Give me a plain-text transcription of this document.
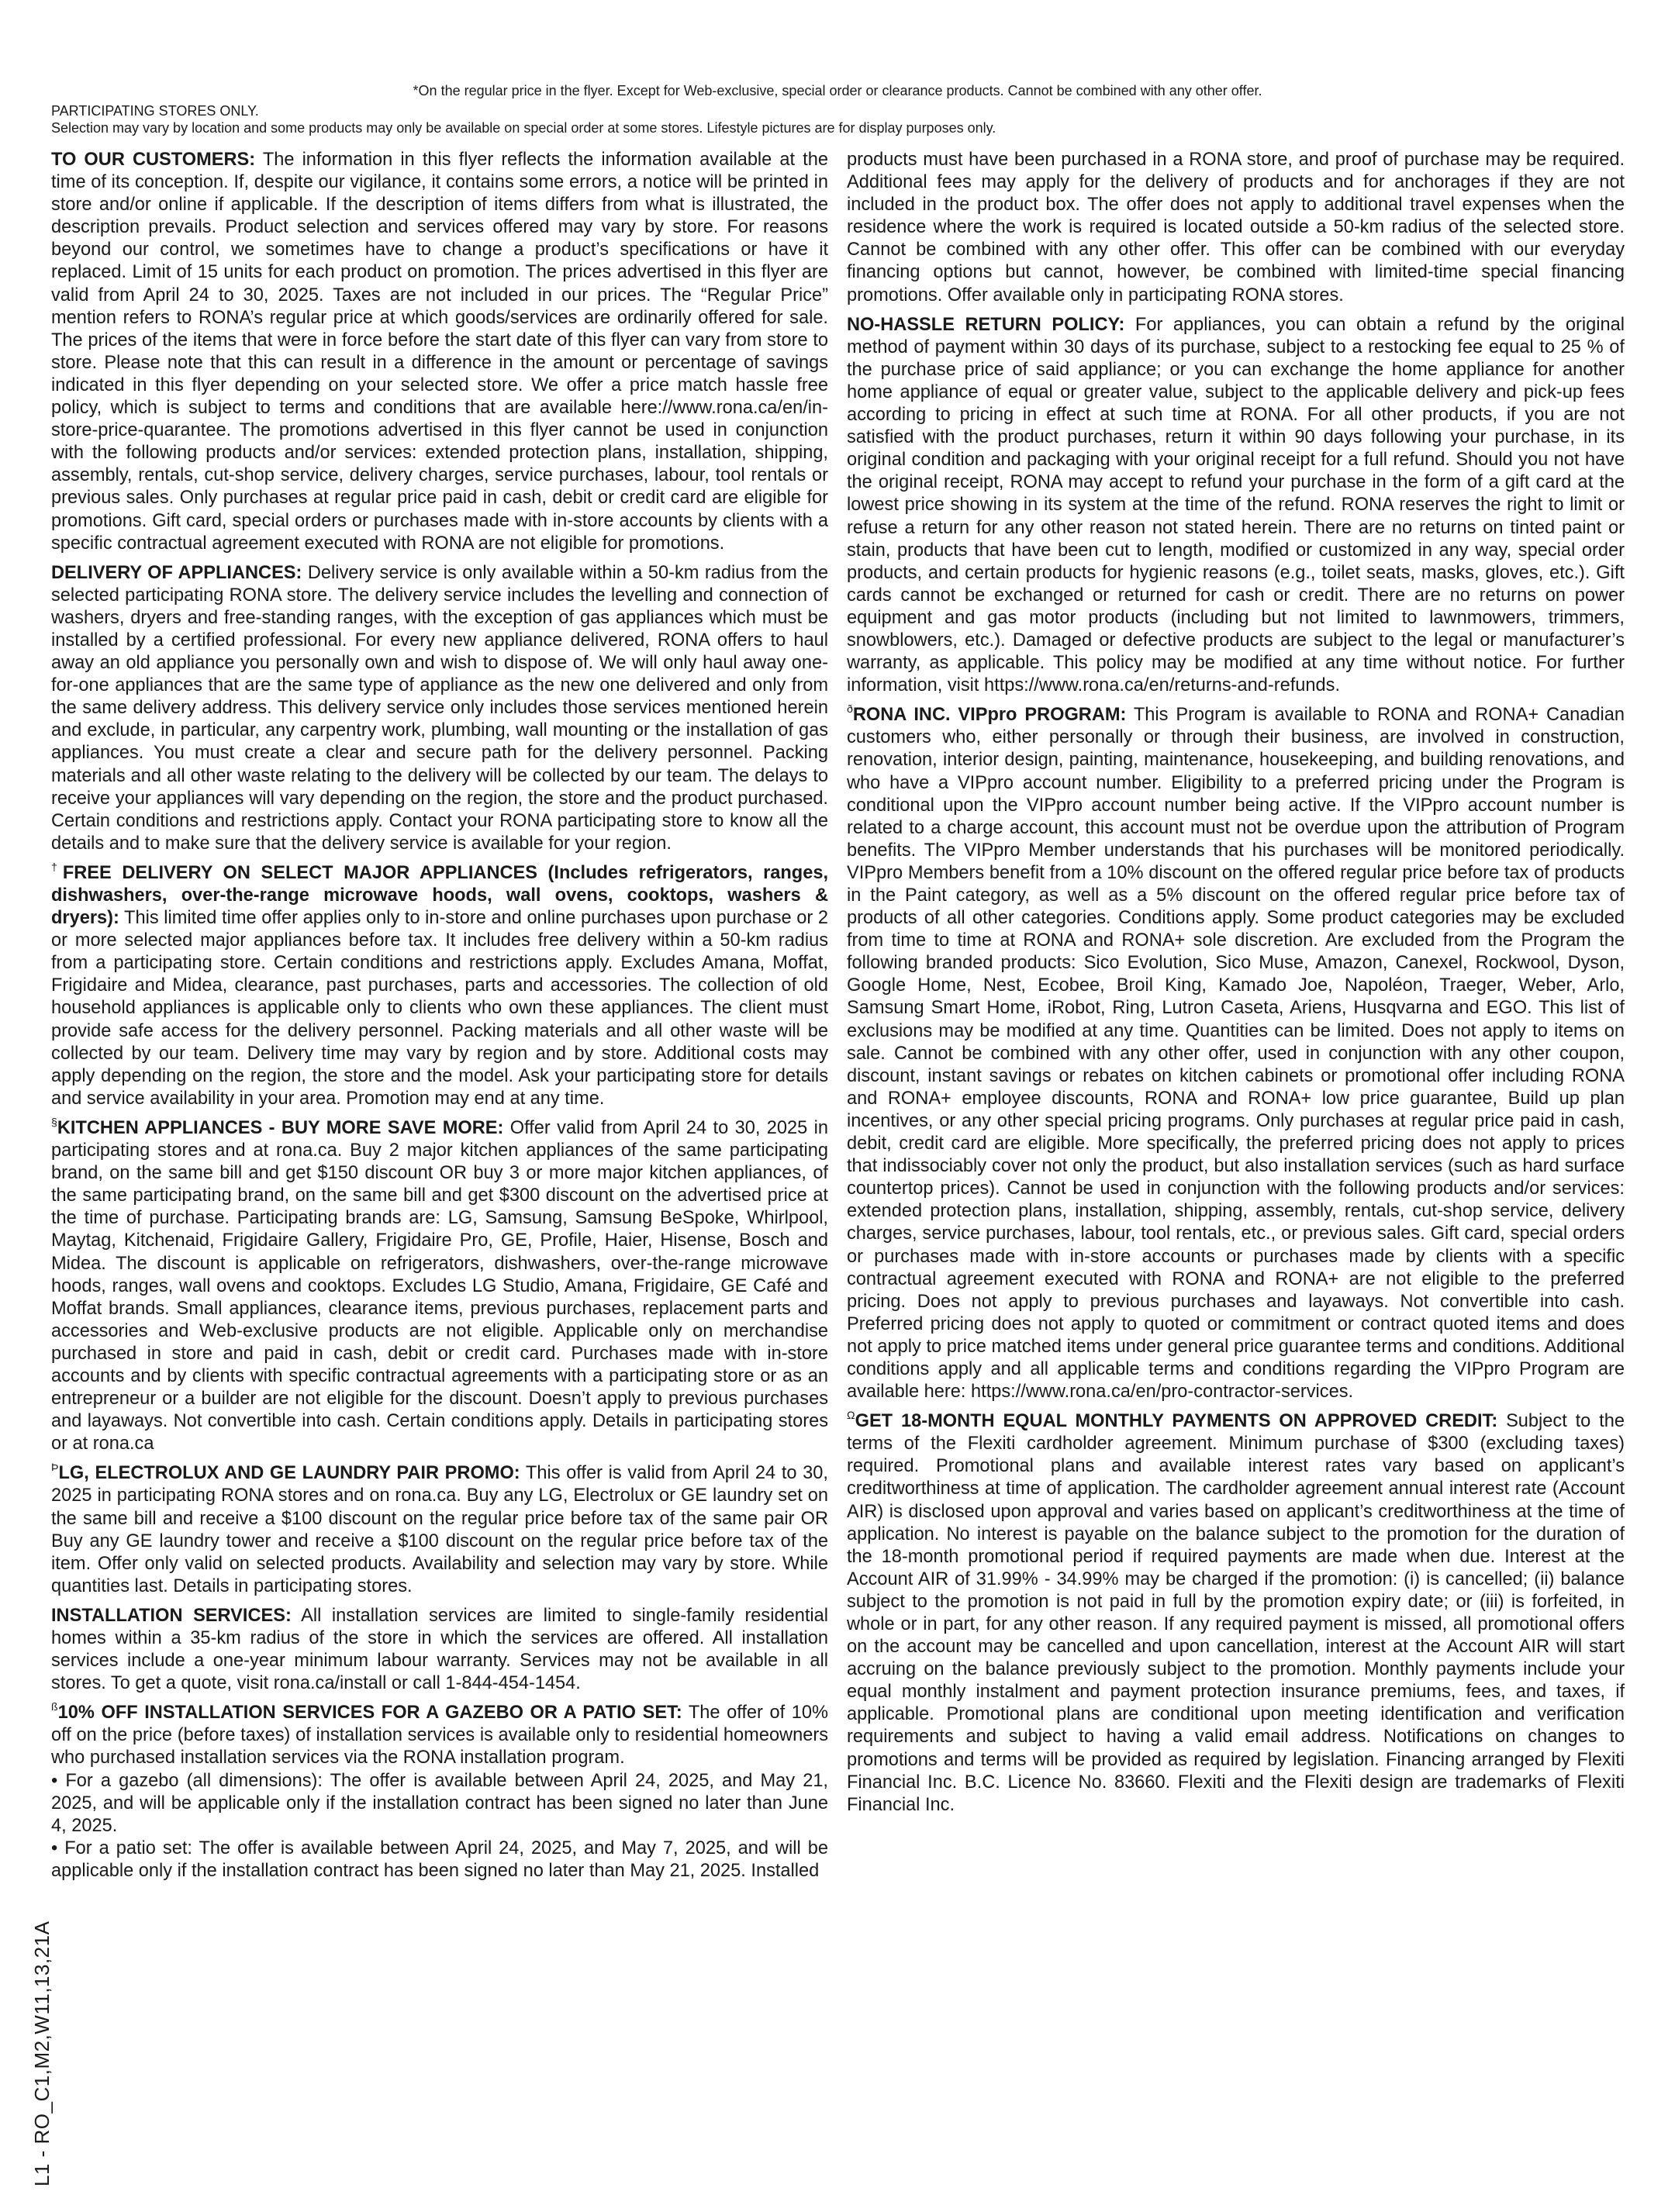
*On the regular price in the flyer. Except for Web-exclusive, special order or clearance products. Cannot be combined with any other offer.
PARTICIPATING STORES ONLY.
Selection may vary by location and some products may only be available on special order at some stores. Lifestyle pictures are for display purposes only.

TO OUR CUSTOMERS: The information in this flyer reflects the information available at the time of its conception. If, despite our vigilance, it contains some errors, a notice will be printed in store and/or online if applicable. If the description of items differs from what is illustrated, the description prevails. Product selection and services offered may vary by store. For reasons beyond our control, we sometimes have to change a product’s specifications or have it replaced. Limit of 15 units for each product on promotion. The prices advertised in this flyer are valid from April 24 to 30, 2025. Taxes are not included in our prices. The “Regular Price” mention refers to RONA’s regular price at which goods/services are ordinarily offered for sale. The prices of the items that were in force before the start date of this flyer can vary from store to store. Please note that this can result in a difference in the amount or percentage of savings indicated in this flyer depending on your selected store. We offer a price match hassle free policy, which is subject to terms and conditions that are available here://www.rona.ca/en/in-store-price-quarantee. The promotions advertised in this flyer cannot be used in conjunction with the following products and/or services: extended protection plans, installation, shipping, assembly, rentals, cut-shop service, delivery charges, service purchases, labour, tool rentals or previous sales. Only purchases at regular price paid in cash, debit or credit card are eligible for promotions. Gift card, special orders or purchases made with in-store accounts by clients with a specific contractual agreement executed with RONA are not eligible for promotions.

DELIVERY OF APPLIANCES: Delivery service is only available within a 50-km radius from the selected participating RONA store. The delivery service includes the levelling and connection of washers, dryers and free-standing ranges, with the exception of gas appliances which must be installed by a certified professional. For every new appliance delivered, RONA offers to haul away an old appliance you personally own and wish to dispose of. We will only haul away one-for-one appliances that are the same type of appliance as the new one delivered and only from the same delivery address. This delivery service only includes those services mentioned herein and exclude, in particular, any carpentry work, plumbing, wall mounting or the installation of gas appliances. You must create a clear and secure path for the delivery personnel. Packing materials and all other waste relating to the delivery will be collected by our team. The delays to receive your appliances will vary depending on the region, the store and the product purchased. Certain conditions and restrictions apply. Contact your RONA participating store to know all the details and to make sure that the delivery service is available for your region.

†FREE DELIVERY ON SELECT MAJOR APPLIANCES (Includes refrigerators, ranges, dishwashers, over-the-range microwave hoods, wall ovens, cooktops, washers & dryers): This limited time offer applies only to in-store and online purchases upon purchase or 2 or more selected major appliances before tax. It includes free delivery within a 50-km radius from a participating store. Certain conditions and restrictions apply. Excludes Amana, Moffat, Frigidaire and Midea, clearance, past purchases, parts and accessories. The collection of old household appliances is applicable only to clients who own these appliances. The client must provide safe access for the delivery personnel. Packing materials and all other waste will be collected by our team. Delivery time may vary by region and by store. Additional costs may apply depending on the region, the store and the model. Ask your participating store for details and service availability in your area. Promotion may end at any time.

§KITCHEN APPLIANCES - BUY MORE SAVE MORE: Offer valid from April 24 to 30, 2025 in participating stores and at rona.ca. Buy 2 major kitchen appliances of the same participating brand, on the same bill and get $150 discount OR buy 3 or more major kitchen appliances, of the same participating brand, on the same bill and get $300 discount on the advertised price at the time of purchase. Participating brands are: LG, Samsung, Samsung BeSpoke, Whirlpool, Maytag, Kitchenaid, Frigidaire Gallery, Frigidaire Pro, GE, Profile, Haier, Hisense, Bosch and Midea. The discount is applicable on refrigerators, dishwashers, over-the-range microwave hoods, ranges, wall ovens and cooktops. Excludes LG Studio, Amana, Frigidaire, GE Café and Moffat brands. Small appliances, clearance items, previous purchases, replacement parts and accessories and Web-exclusive products are not eligible. Applicable only on merchandise purchased in store and paid in cash, debit or credit card. Purchases made with in-store accounts and by clients with specific contractual agreements with a participating store or as an entrepreneur or a builder are not eligible for the discount. Doesn’t apply to previous purchases and layaways. Not convertible into cash. Certain conditions apply. Details in participating stores or at rona.ca

$^Þ$LG, ELECTROLUX AND GE LAUNDRY PAIR PROMO: This offer is valid from April 24 to 30, 2025 in participating RONA stores and on rona.ca. Buy any LG, Electrolux or GE laundry set on the same bill and receive a $100 discount on the regular price before tax of the same pair OR Buy any GE laundry tower and receive a $100 discount on the regular price before tax of the item. Offer only valid on selected products. Availability and selection may vary by store. While quantities last. Details in participating stores.

INSTALLATION SERVICES: All installation services are limited to single-family residential homes within a 35-km radius of the store in which the services are offered. All installation services include a one-year minimum labour warranty. Services may not be available in all stores. To get a quote, visit rona.ca/install or call 1-844-454-1454.

$^ß$10% OFF INSTALLATION SERVICES FOR A GAZEBO OR A PATIO SET: The offer of 10% off on the price (before taxes) of installation services is available only to residential homeowners who purchased installation services via the RONA installation program.

• For a gazebo (all dimensions): The offer is available between April 24, 2025, and May 21, 2025, and will be applicable only if the installation contract has been signed no later than June 4, 2025.

• For a patio set: The offer is available between April 24, 2025, and May 7, 2025, and will be applicable only if the installation contract has been signed no later than May 21, 2025. Installed

products must have been purchased in a RONA store, and proof of purchase may be required. Additional fees may apply for the delivery of products and for anchorages if they are not included in the product box. The offer does not apply to additional travel expenses when the residence where the work is required is located outside a 50-km radius of the selected store. Cannot be combined with any other offer. This offer can be combined with our everyday financing options but cannot, however, be combined with limited-time special financing promotions. Offer available only in participating RONA stores.

NO-HASSLE RETURN POLICY: For appliances, you can obtain a refund by the original method of payment within 30 days of its purchase, subject to a restocking fee equal to 25 % of the purchase price of said appliance; or you can exchange the home appliance for another home appliance of equal or greater value, subject to the applicable delivery and pick-up fees according to pricing in effect at such time at RONA. For all other products, if you are not satisfied with the product purchases, return it within 90 days following your purchase, in its original condition and packaging with your original receipt for a full refund. Should you not have the original receipt, RONA may accept to refund your purchase in the form of a gift card at the lowest price showing in its system at the time of the refund. RONA reserves the right to limit or refuse a return for any other reason not stated herein. There are no returns on tinted paint or stain, products that have been cut to length, modified or customized in any way, special order products, and certain products for hygienic reasons (e.g., toilet seats, masks, gloves, etc.). Gift cards cannot be exchanged or returned for cash or credit. There are no returns on power equipment and gas motor products (including but not limited to lawnmowers, trimmers, snowblowers, etc.). Damaged or defective products are subject to the legal or manufacturer’s warranty, as applicable. This policy may be modified at any time without notice. For further information, visit https://www.rona.ca/en/returns-and-refunds.

$^ð$RONA INC. VIPpro PROGRAM: This Program is available to RONA and RONA+ Canadian customers who, either personally or through their business, are involved in construction, renovation, interior design, painting, maintenance, housekeeping, and building renovations, and who have a VIPpro account number. Eligibility to a preferred pricing under the Program is conditional upon the VIPpro account number being active. If the VIPpro account number is related to a charge account, this account must not be overdue upon the attribution of Program benefits. The VIPpro Member understands that his purchases will be monitored periodically. VIPpro Members benefit from a 10% discount on the offered regular price before tax of products in the Paint category, as well as a 5% discount on the offered regular price before tax of products of all other categories. Conditions apply. Some product categories may be excluded from time to time at RONA and RONA+ sole discretion. Are excluded from the Program the following branded products: Sico Evolution, Sico Muse, Amazon, Canexel, Rockwool, Dyson, Google Home, Nest, Ecobee, Broil King, Kamado Joe, Napoléon, Traeger, Weber, Arlo, Samsung Smart Home, iRobot, Ring, Lutron Caseta, Ariens, Husqvarna and EGO. This list of exclusions may be modified at any time. Quantities can be limited. Does not apply to items on sale. Cannot be combined with any other offer, used in conjunction with any other coupon, discount, instant savings or rebates on kitchen cabinets or promotional offer including RONA and RONA+ employee discounts, RONA and RONA+ low price guarantee, Build up plan incentives, or any other special pricing programs. Only purchases at regular price paid in cash, debit, credit card are eligible. More specifically, the preferred pricing does not apply to prices that indissociably cover not only the product, but also installation services (such as hard surface countertop prices). Cannot be used in conjunction with the following products and/or services: extended protection plans, installation, shipping, assembly, rentals, cut-shop service, delivery charges, service purchases, labour, tool rentals, etc., or previous sales. Gift card, special orders or purchases made with in-store accounts or purchases made by clients with a specific contractual agreement executed with RONA and RONA+ are not eligible to the preferred pricing. Does not apply to previous purchases and layaways. Not convertible into cash. Preferred pricing does not apply to quoted or commitment or contract quoted items and does not apply to price matched items under general price guarantee terms and conditions. Additional conditions apply and all applicable terms and conditions regarding the VIPpro Program are available here: https://www.rona.ca/en/pro-contractor-services.

$^\Omega$GET 18-MONTH EQUAL MONTHLY PAYMENTS ON APPROVED CREDIT: Subject to the terms of the Flexiti cardholder agreement. Minimum purchase of $300 (excluding taxes) required. Promotional plans and available interest rates vary based on applicant’s creditworthiness at time of application. The cardholder agreement annual interest rate (Account AIR) is disclosed upon approval and varies based on applicant’s creditworthiness at the time of application. No interest is payable on the balance subject to the promotion for the duration of the 18-month promotional period if required payments are made when due. Interest at the Account AIR of 31.99% - 34.99% may be charged if the promotion: (i) is cancelled; (ii) balance subject to the promotion is not paid in full by the promotion expiry date; or (iii) is forfeited, in whole or in part, for any other reason. If any required payment is missed, all promotional offers on the account may be cancelled and upon cancellation, interest at the Account AIR will start accruing on the balance previously subject to the promotion. Monthly payments include your equal monthly instalment and payment protection insurance premiums, fees, and taxes, if applicable. Promotional plans are conditional upon meeting identification and verification requirements and subject to having a valid email address. Notifications on changes to promotions and terms will be provided as required by legislation. Financing arranged by Flexiti Financial Inc. B.C. Licence No. 83660. Flexiti and the Flexiti design are trademarks of Flexiti Financial Inc.

L1 - RO_C1,M2,W11,13,21A
